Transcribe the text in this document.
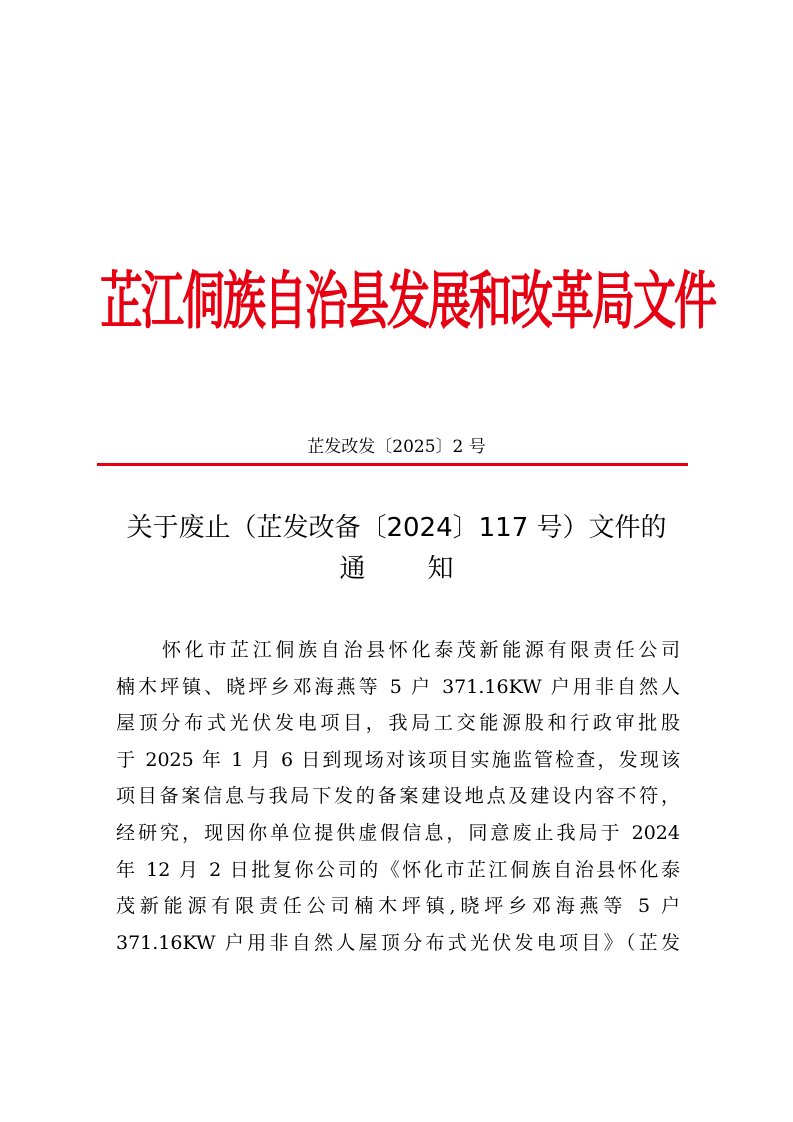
芷江侗族自治县发展和改革局文件
芷发改发〔2025〕2 号
关于废止（芷发改备〔2024〕117 号）文件的
通知
怀化市芷江侗族自治县怀化泰茂新能源有限责任公司
楠木坪镇、晓坪乡邓海燕等 5 户 371.16KW 户用非自然人
屋顶分布式光伏发电项目，我局工交能源股和行政审批股
于 2025 年 1 月 6 日到现场对该项目实施监管检查，发现该
项目备案信息与我局下发的备案建设地点及建设内容不符，
经研究，现因你单位提供虚假信息，同意废止我局于 2024
年 12 月 2 日批复你公司的《怀化市芷江侗族自治县怀化泰
茂新能源有限责任公司楠木坪镇,晓坪乡邓海燕等 5 户
371.16KW 户用非自然人屋顶分布式光伏发电项目》（芷发
